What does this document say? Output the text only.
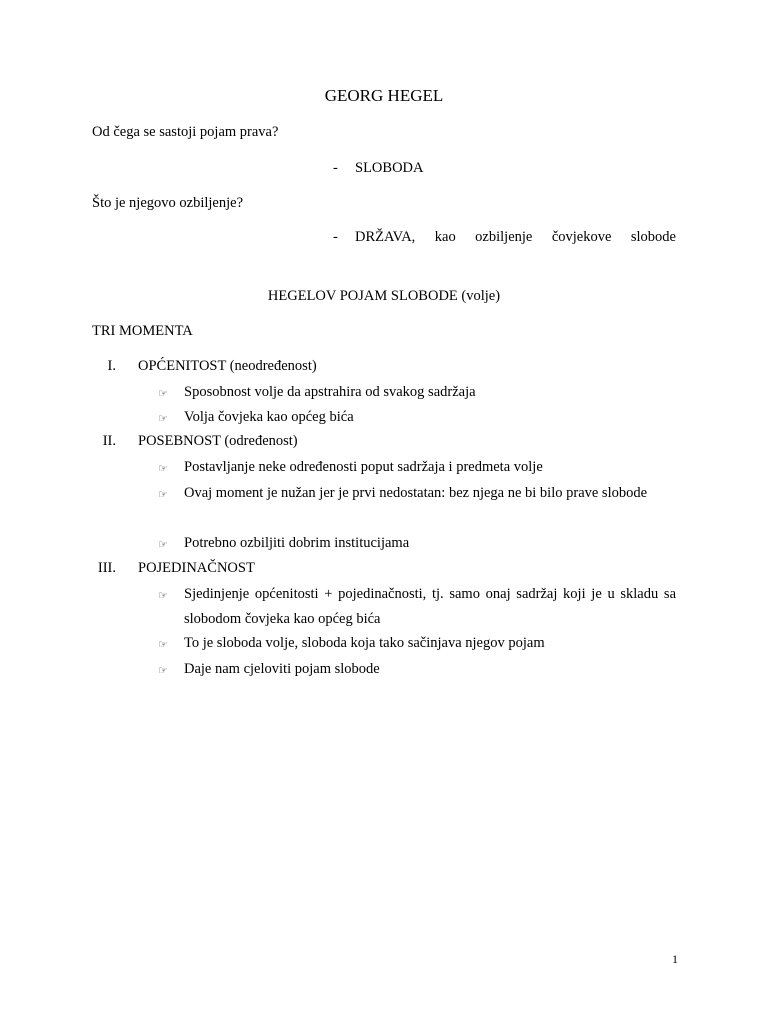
GEORG HEGEL

Od čega se sastoji pojam prava?

-	SLOBODA

Što je njegovo ozbiljenje?

-	DRŽAVA, kao ozbiljenje čovjekove slobode
HEGELOV POJAM SLOBODE (volje)

TRI MOMENTA

I.	OPĆENITOST (neodređenost)
☞	Sposobnost volje da apstrahira od svakog sadržaja
☞	Volja čovjeka kao općeg bića
II.	POSEBNOST (određenost)
☞	Postavljanje neke određenosti poput sadržaja i predmeta volje
☞	Ovaj moment je nužan jer je prvi nedostatan: bez njega ne bi bilo prave slobode
☞	Potrebno ozbiljiti dobrim institucijama
III.	POJEDINAČNOST
☞	Sjedinjenje općenitosti + pojedinačnosti, tj. samo onaj sadržaj koji je u skladu sa slobodom čovjeka kao općeg bića
☞	To je sloboda volje, sloboda koja tako sačinjava njegov pojam
☞	Daje nam cjeloviti pojam slobode
1
